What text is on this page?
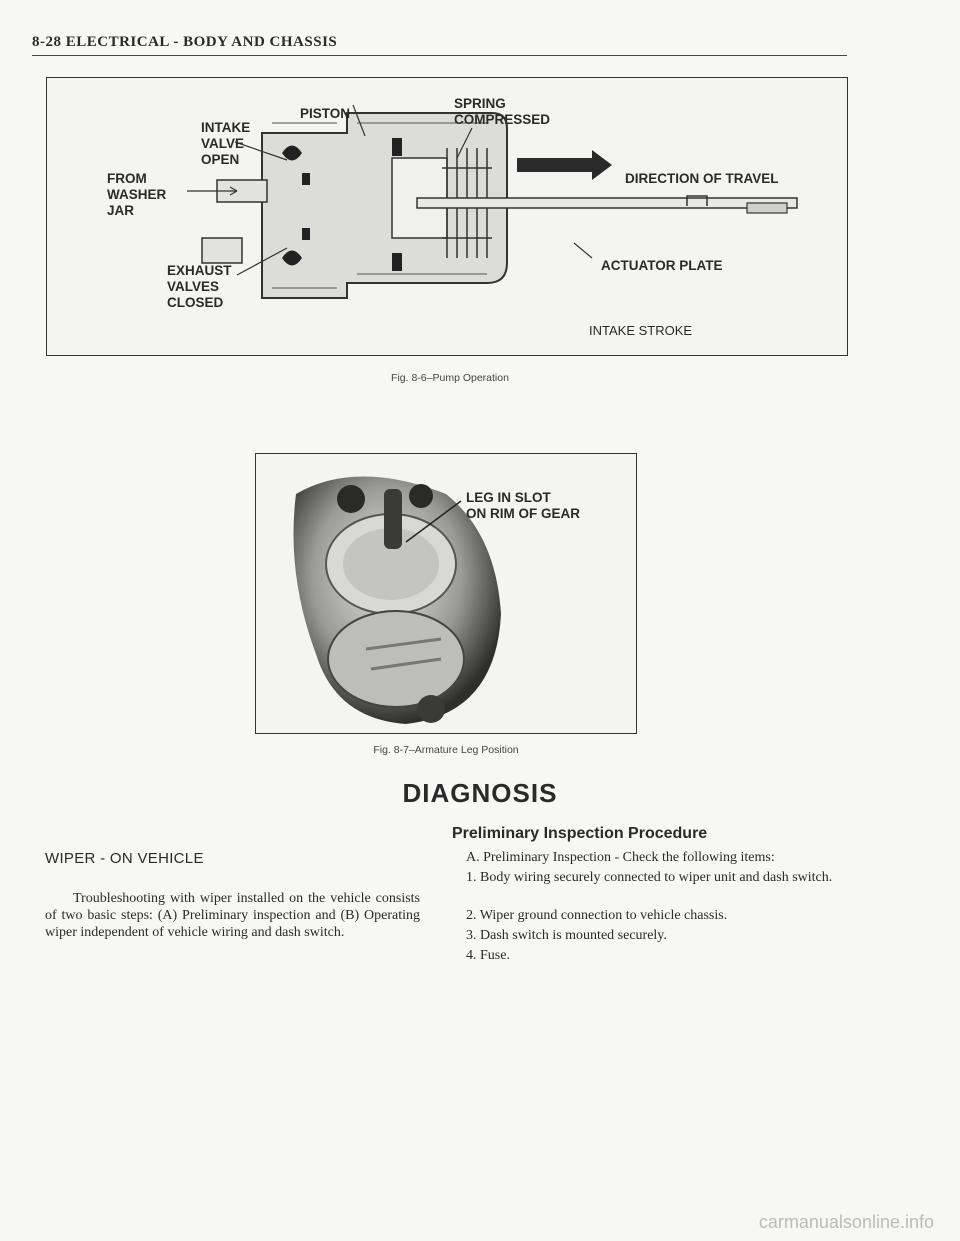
8-28 ELECTRICAL - BODY AND CHASSIS
PISTON
SPRING
COMPRESSED
INTAKE
VALVE
OPEN
FROM
WASHER
JAR
DIRECTION OF TRAVEL
ACTUATOR PLATE
EXHAUST
VALVES
CLOSED
INTAKE STROKE
Fig. 8-6–Pump Operation
LEG IN SLOT
ON RIM OF GEAR
Fig. 8-7–Armature Leg Position
DIAGNOSIS
WIPER - ON VEHICLE
Troubleshooting with wiper installed on the vehicle consists of two basic steps: (A) Preliminary inspection and (B) Operating wiper independent of vehicle wiring and dash switch.
Preliminary Inspection Procedure
A. Preliminary Inspection - Check the following items:
1. Body wiring securely connected to wiper unit and dash switch.
2. Wiper ground connection to vehicle chassis.
3. Dash switch is mounted securely.
4. Fuse.
carmanualsonline.info
